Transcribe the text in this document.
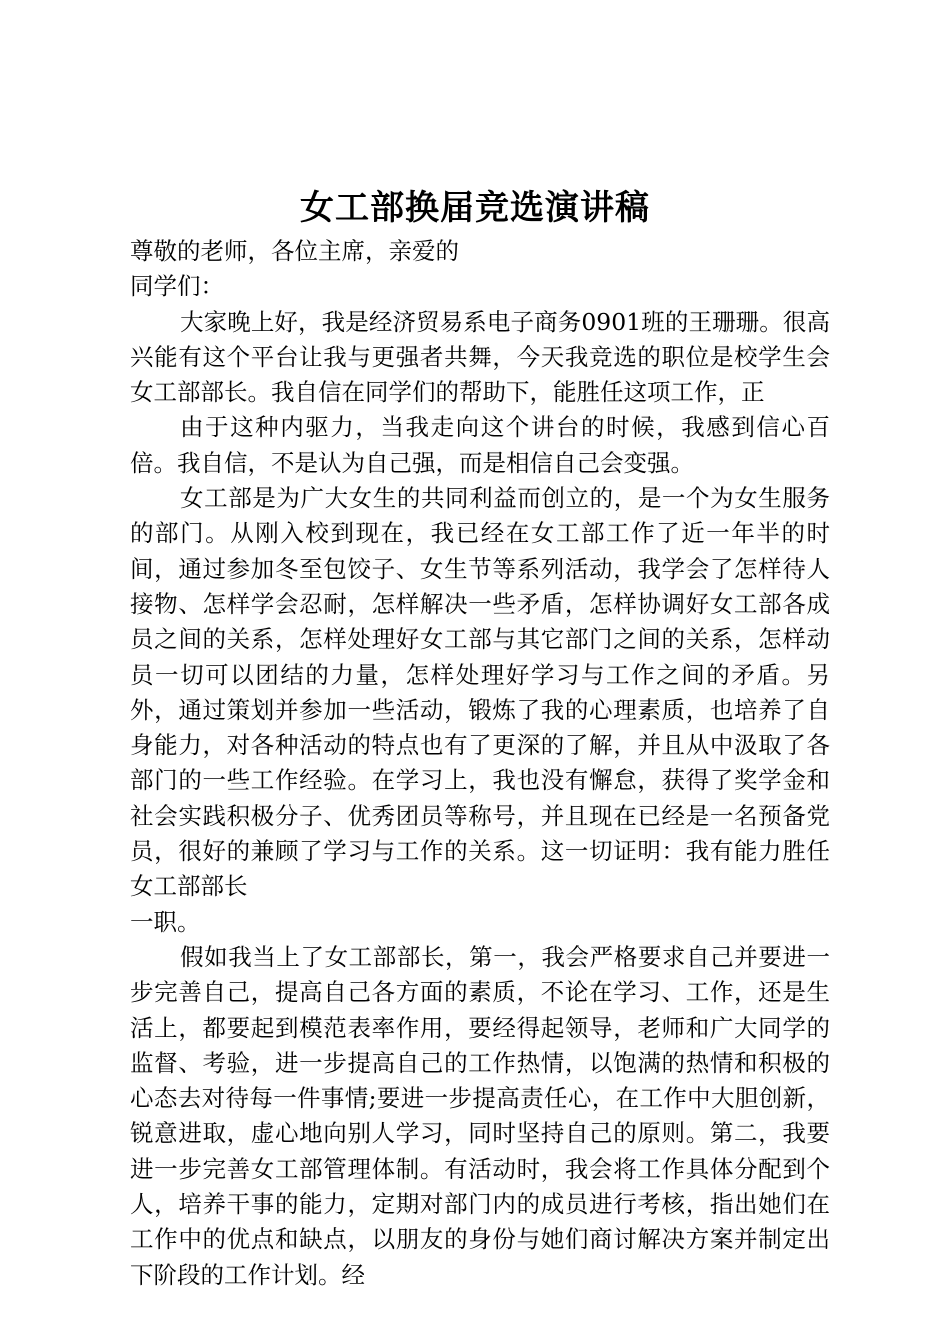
女工部换届竞选演讲稿

尊敬的老师，各位主席，亲爱的

同学们：

大家晚上好，我是经济贸易系电子商务0901班的王珊珊。很高兴能有这个平台让我与更强者共舞，今天我竞选的职位是校学生会女工部部长。我自信在同学们的帮助下，能胜任这项工作，正

由于这种内驱力，当我走向这个讲台的时候，我感到信心百倍。我自信，不是认为自己强，而是相信自己会变强。

女工部是为广大女生的共同利益而创立的，是一个为女生服务的部门。从刚入校到现在，我已经在女工部工作了近一年半的时间，通过参加冬至包饺子、女生节等系列活动，我学会了怎样待人接物、怎样学会忍耐，怎样解决一些矛盾，怎样协调好女工部各成员之间的关系，怎样处理好女工部与其它部门之间的关系，怎样动员一切可以团结的力量，怎样处理好学习与工作之间的矛盾。另外，通过策划并参加一些活动，锻炼了我的心理素质，也培养了自身能力，对各种活动的特点也有了更深的了解，并且从中汲取了各部门的一些工作经验。在学习上，我也没有懈怠，获得了奖学金和社会实践积极分子、优秀团员等称号，并且现在已经是一名预备党员，很好的兼顾了学习与工作的关系。这一切证明：我有能力胜任女工部部长

一职。

假如我当上了女工部部长，第一，我会严格要求自己并要进一步完善自己，提高自己各方面的素质，不论在学习、工作，还是生活上，都要起到模范表率作用，要经得起领导，老师和广大同学的监督、考验，进一步提高自己的工作热情，以饱满的热情和积极的心态去对待每一件事情;要进一步提高责任心，在工作中大胆创新，锐意进取，虚心地向别人学习，同时坚持自己的原则。第二，我要进一步完善女工部管理体制。有活动时，我会将工作具体分配到个人，培养干事的能力，定期对部门内的成员进行考核，指出她们在工作中的优点和缺点，以朋友的身份与她们商讨解决方案并制定出下阶段的工作计划。经
